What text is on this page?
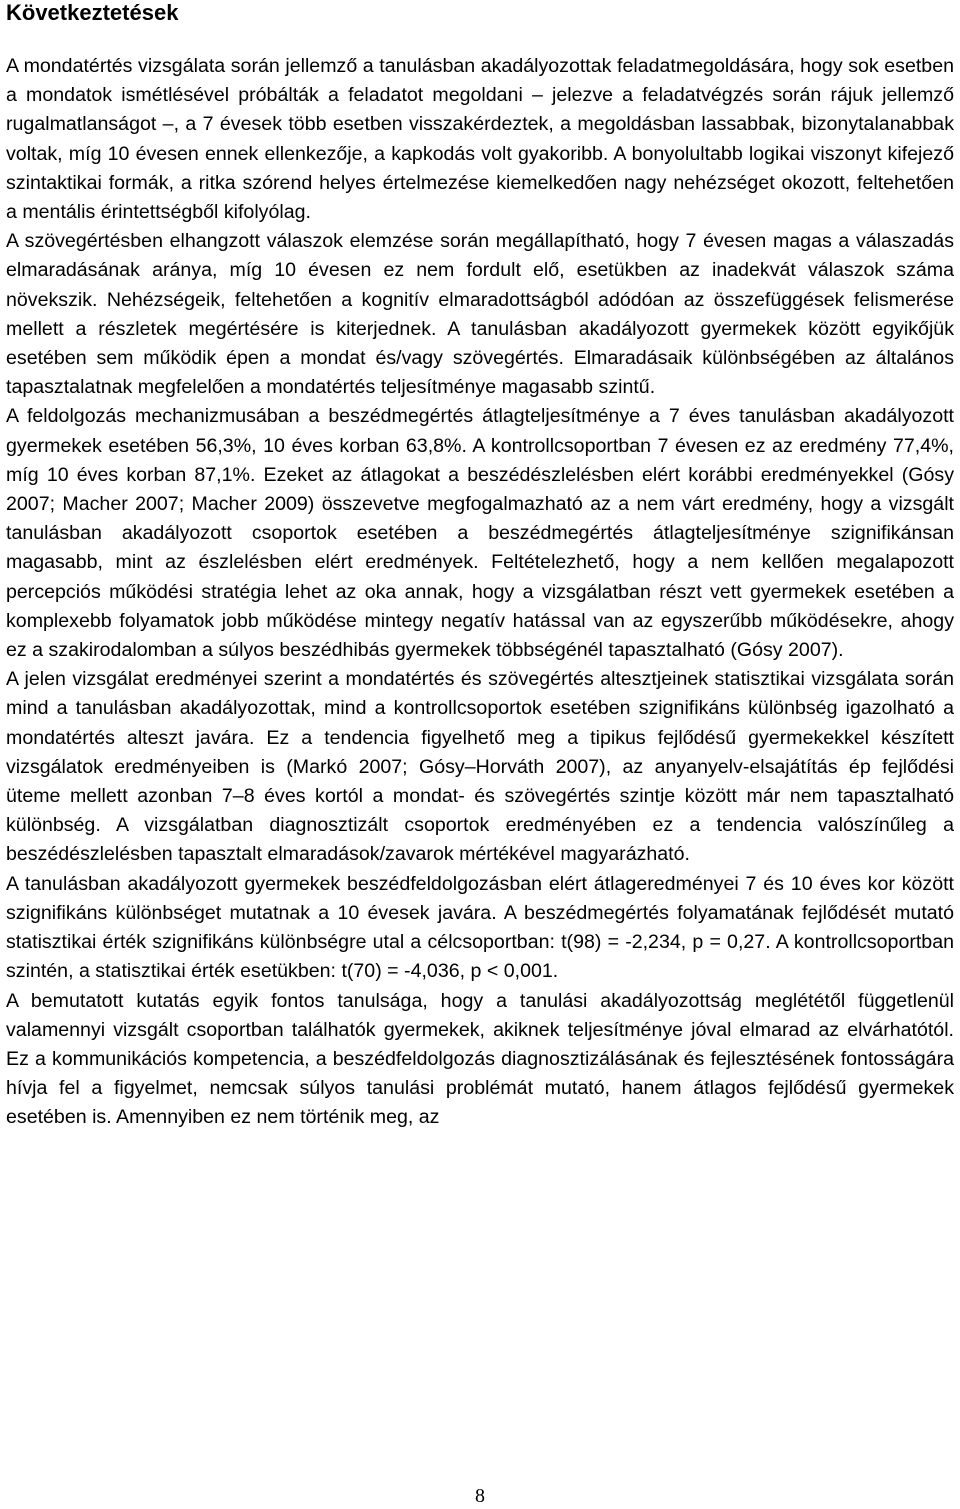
Következtetések

A mondatértés vizsgálata során jellemző a tanulásban akadályozottak feladatmegoldására, hogy sok esetben a mondatok ismétlésével próbálták a feladatot megoldani – jelezve a feladatvégzés során rájuk jellemző rugalmatlanságot –, a 7 évesek több esetben visszakérdeztek, a megoldásban lassabbak, bizonytalanabbak voltak, míg 10 évesen ennek ellenkezője, a kapkodás volt gyakoribb. A bonyolultabb logikai viszonyt kifejező szintaktikai formák, a ritka szórend helyes értelmezése kiemelkedően nagy nehézséget okozott, feltehetően a mentális érintettségből kifolyólag.

A szövegértésben elhangzott válaszok elemzése során megállapítható, hogy 7 évesen magas a válaszadás elmaradásának aránya, míg 10 évesen ez nem fordult elő, esetükben az inadekvát válaszok száma növekszik. Nehézségeik, feltehetően a kognitív elmaradottságból adódóan az összefüggések felismerése mellett a részletek megértésére is kiterjednek. A tanulásban akadályozott gyermekek között egyikőjük esetében sem működik épen a mondat és/vagy szövegértés. Elmaradásaik különbségében az általános tapasztalatnak megfelelően a mondatértés teljesítménye magasabb szintű.

A feldolgozás mechanizmusában a beszédmegértés átlagteljesítménye a 7 éves tanulásban akadályozott gyermekek esetében 56,3%, 10 éves korban 63,8%. A kontrollcsoportban 7 évesen ez az eredmény 77,4%, míg 10 éves korban 87,1%. Ezeket az átlagokat a beszédészlelésben elért korábbi eredményekkel (Gósy 2007; Macher 2007; Macher 2009) összevetve megfogalmazható az a nem várt eredmény, hogy a vizsgált tanulásban akadályozott csoportok esetében a beszédmegértés átlagteljesítménye szignifikánsan magasabb, mint az észlelésben elért eredmények. Feltételezhető, hogy a nem kellően megalapozott percepciós működési stratégia lehet az oka annak, hogy a vizsgálatban részt vett gyermekek esetében a komplexebb folyamatok jobb működése mintegy negatív hatással van az egyszerűbb működésekre, ahogy ez a szakirodalomban a súlyos beszédhibás gyermekek többségénél tapasztalható (Gósy 2007).

A jelen vizsgálat eredményei szerint a mondatértés és szövegértés altesztjeinek statisztikai vizsgálata során mind a tanulásban akadályozottak, mind a kontrollcsoportok esetében szignifikáns különbség igazolható a mondatértés alteszt javára. Ez a tendencia figyelhető meg a tipikus fejlődésű gyermekekkel készített vizsgálatok eredményeiben is (Markó 2007; Gósy–Horváth 2007), az anyanyelv-elsajátítás ép fejlődési üteme mellett azonban 7–8 éves kortól a mondat- és szövegértés szintje között már nem tapasztalható különbség. A vizsgálatban diagnosztizált csoportok eredményében ez a tendencia valószínűleg a beszédészlelésben tapasztalt elmaradások/zavarok mértékével magyarázható.

A tanulásban akadályozott gyermekek beszédfeldolgozásban elért átlageredményei 7 és 10 éves kor között szignifikáns különbséget mutatnak a 10 évesek javára. A beszédmegértés folyamatának fejlődését mutató statisztikai érték szignifikáns különbségre utal a célcsoportban: t(98) = -2,234, p = 0,27. A kontrollcsoportban szintén, a statisztikai érték esetükben: t(70) = -4,036, p < 0,001.

A bemutatott kutatás egyik fontos tanulsága, hogy a tanulási akadályozottság meglététől függetlenül valamennyi vizsgált csoportban találhatók gyermekek, akiknek teljesítménye jóval elmarad az elvárhatótól. Ez a kommunikációs kompetencia, a beszédfeldolgozás diagnosztizálásának és fejlesztésének fontosságára hívja fel a figyelmet, nemcsak súlyos tanulási problémát mutató, hanem átlagos fejlődésű gyermekek esetében is. Amennyiben ez nem történik meg, az

8
